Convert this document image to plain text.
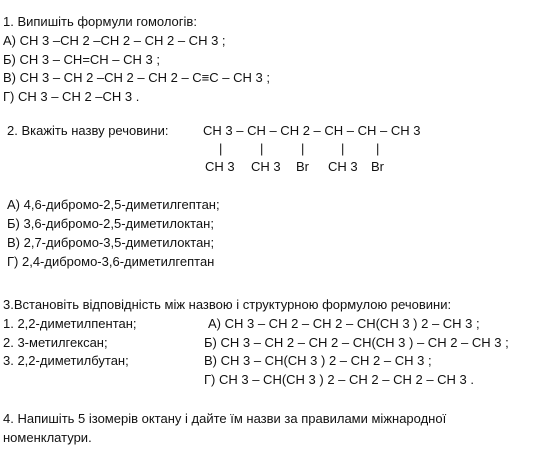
1. Випишіть формули гомологів:
А) CH 3 –CH 2 –CH 2 – CH 2 – CH 3 ;
Б) CH 3 – CH=CH – CH 3 ;
В) CH 3 – CH 2 –CH 2 – CH 2 – C≡C – CH 3 ;
Г) CH 3 – CH 2 –CH 3 .
2. Вкажіть назву речовини:	CH 3 – CH – CH 2 – CH – CH – CH 3
|	|	|	| |
CH 3 CH 3 Br CH 3 Br
А) 4,6-дибромо-2,5-диметилгептан;
Б) 3,6-дибромо-2,5-диметилоктан;
В) 2,7-дибромо-3,5-диметилоктан;
Г) 2,4-дибромо-3,6-диметилгептан
3.Встановіть відповідність між назвою і структурною формулою речовини:
1. 2,2-диметилпентан;
2. 3-метилгексан;
3. 2,2-диметилбутан;
А) CH 3 – CH 2 – CH 2 – CH(CH 3 ) 2 – CH 3 ;
Б) CH 3 – CH 2 – CH 2 – CH(CH 3 ) – CH 2 – CH 3 ;
В) CH 3 – CH(CH 3 ) 2 – CH 2 – CH 3 ;
Г) CH 3 – CH(CH 3 ) 2 – CH 2 – CH 2 – CH 3 .
4. Напишіть 5 ізомерів октану і дайте їм назви за правилами міжнародної
номенклатури.
